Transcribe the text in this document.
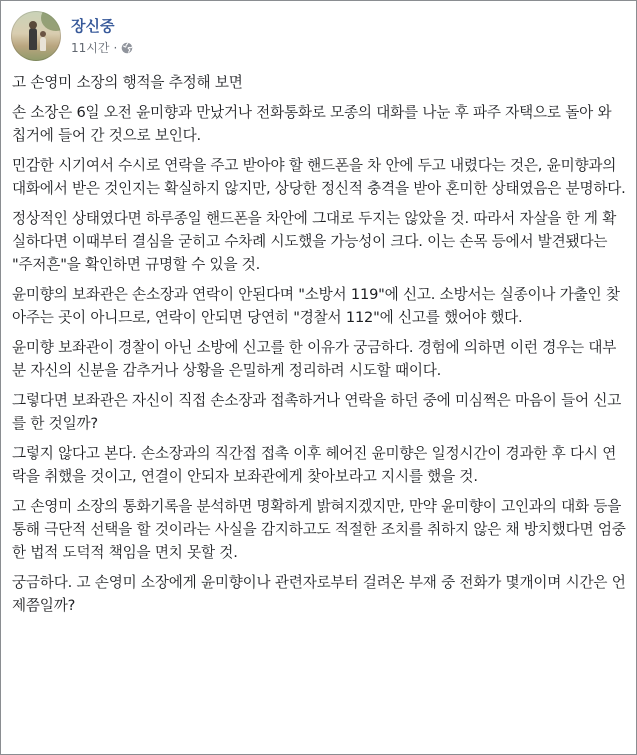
장신중
11시간 ·

고 손영미 소장의 행적을 추정해 보면

손 소장은 6일 오전 윤미향과 만났거나 전화통화로 모종의 대화를 나눈 후 파주 자택으로 돌아 와 칩거에 들어 간 것으로 보인다.

민감한 시기여서 수시로 연락을 주고 받아야 할 핸드폰을 차 안에 두고 내렸다는 것은, 윤미향과의 대화에서 받은 것인지는 확실하지 않지만, 상당한 정신적 충격을 받아 혼미한 상태였음은 분명하다.

정상적인 상태였다면 하루종일 핸드폰을 차안에 그대로 두지는 않았을 것. 따라서 자살을 한 게 확실하다면 이때부터 결심을 굳히고 수차례 시도했을 가능성이 크다. 이는 손목 등에서 발견됐다는 "주저흔"을 확인하면 규명할 수 있을 것.

윤미향의 보좌관은 손소장과 연락이 안된다며 "소방서 119"에 신고. 소방서는 실종이나 가출인 찾아주는 곳이 아니므로, 연락이 안되면 당연히 "경찰서 112"에 신고를 했어야 했다.

윤미향 보좌관이 경찰이 아닌 소방에 신고를 한 이유가 궁금하다. 경험에 의하면 이런 경우는 대부분 자신의 신분을 감추거나 상황을 은밀하게 정리하려 시도할 때이다.

그렇다면 보좌관은 자신이 직접 손소장과 접촉하거나 연락을 하던 중에 미심쩍은 마음이 들어 신고를 한 것일까?

그렇지 않다고 본다. 손소장과의 직간접 접촉 이후 헤어진 윤미향은 일정시간이 경과한 후 다시 연락을 취했을 것이고, 연결이 안되자 보좌관에게 찾아보라고 지시를 했을 것.

고 손영미 소장의 통화기록을 분석하면 명확하게 밝혀지겠지만, 만약 윤미향이 고인과의 대화 등을 통해 극단적 선택을 할 것이라는 사실을 감지하고도 적절한 조치를 취하지 않은 채 방치했다면 엄중한 법적 도덕적 책임을 면치 못할 것.

궁금하다. 고 손영미 소장에게 윤미향이나 관련자로부터 걸려온 부재 중 전화가 몇개이며 시간은 언제쯤일까?
